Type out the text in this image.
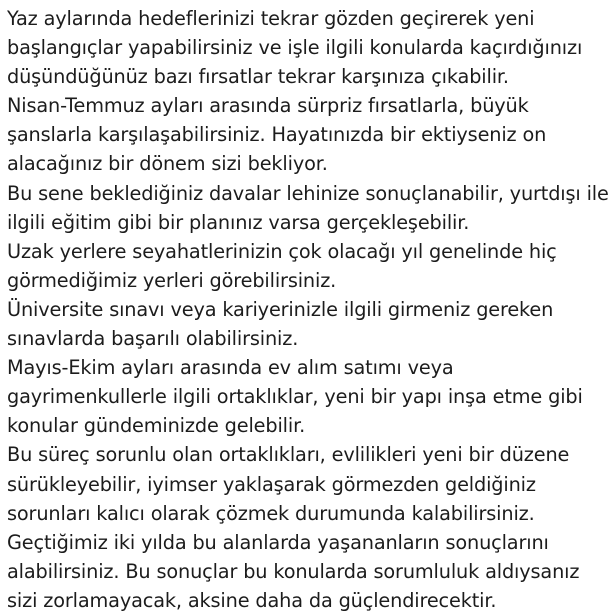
Yaz aylarında hedeflerinizi tekrar gözden geçirerek yeni
başlangıçlar yapabilirsiniz ve işle ilgili konularda kaçırdığınızı
düşündüğünüz bazı fırsatlar tekrar karşınıza çıkabilir.
Nisan-Temmuz ayları arasında sürpriz fırsatlarla, büyük
şanslarla karşılaşabilirsiniz. Hayatınızda bir ektiyseniz on
alacağınız bir dönem sizi bekliyor.
Bu sene beklediğiniz davalar lehinize sonuçlanabilir, yurtdışı ile
ilgili eğitim gibi bir planınız varsa gerçekleşebilir.
Uzak yerlere seyahatlerinizin çok olacağı yıl genelinde hiç
görmediğimiz yerleri görebilirsiniz.
Üniversite sınavı veya kariyerinizle ilgili girmeniz gereken
sınavlarda başarılı olabilirsiniz.
Mayıs-Ekim ayları arasında ev alım satımı veya
gayrimenkullerle ilgili ortaklıklar, yeni bir yapı inşa etme gibi
konular gündeminizde gelebilir.
Bu süreç sorunlu olan ortaklıkları, evlilikleri yeni bir düzene
sürükleyebilir, iyimser yaklaşarak görmezden geldiğiniz
sorunları kalıcı olarak çözmek durumunda kalabilirsiniz.
Geçtiğimiz iki yılda bu alanlarda yaşananların sonuçlarını
alabilirsiniz. Bu sonuçlar bu konularda sorumluluk aldıysanız
sizi zorlamayacak, aksine daha da güçlendirecektir.
